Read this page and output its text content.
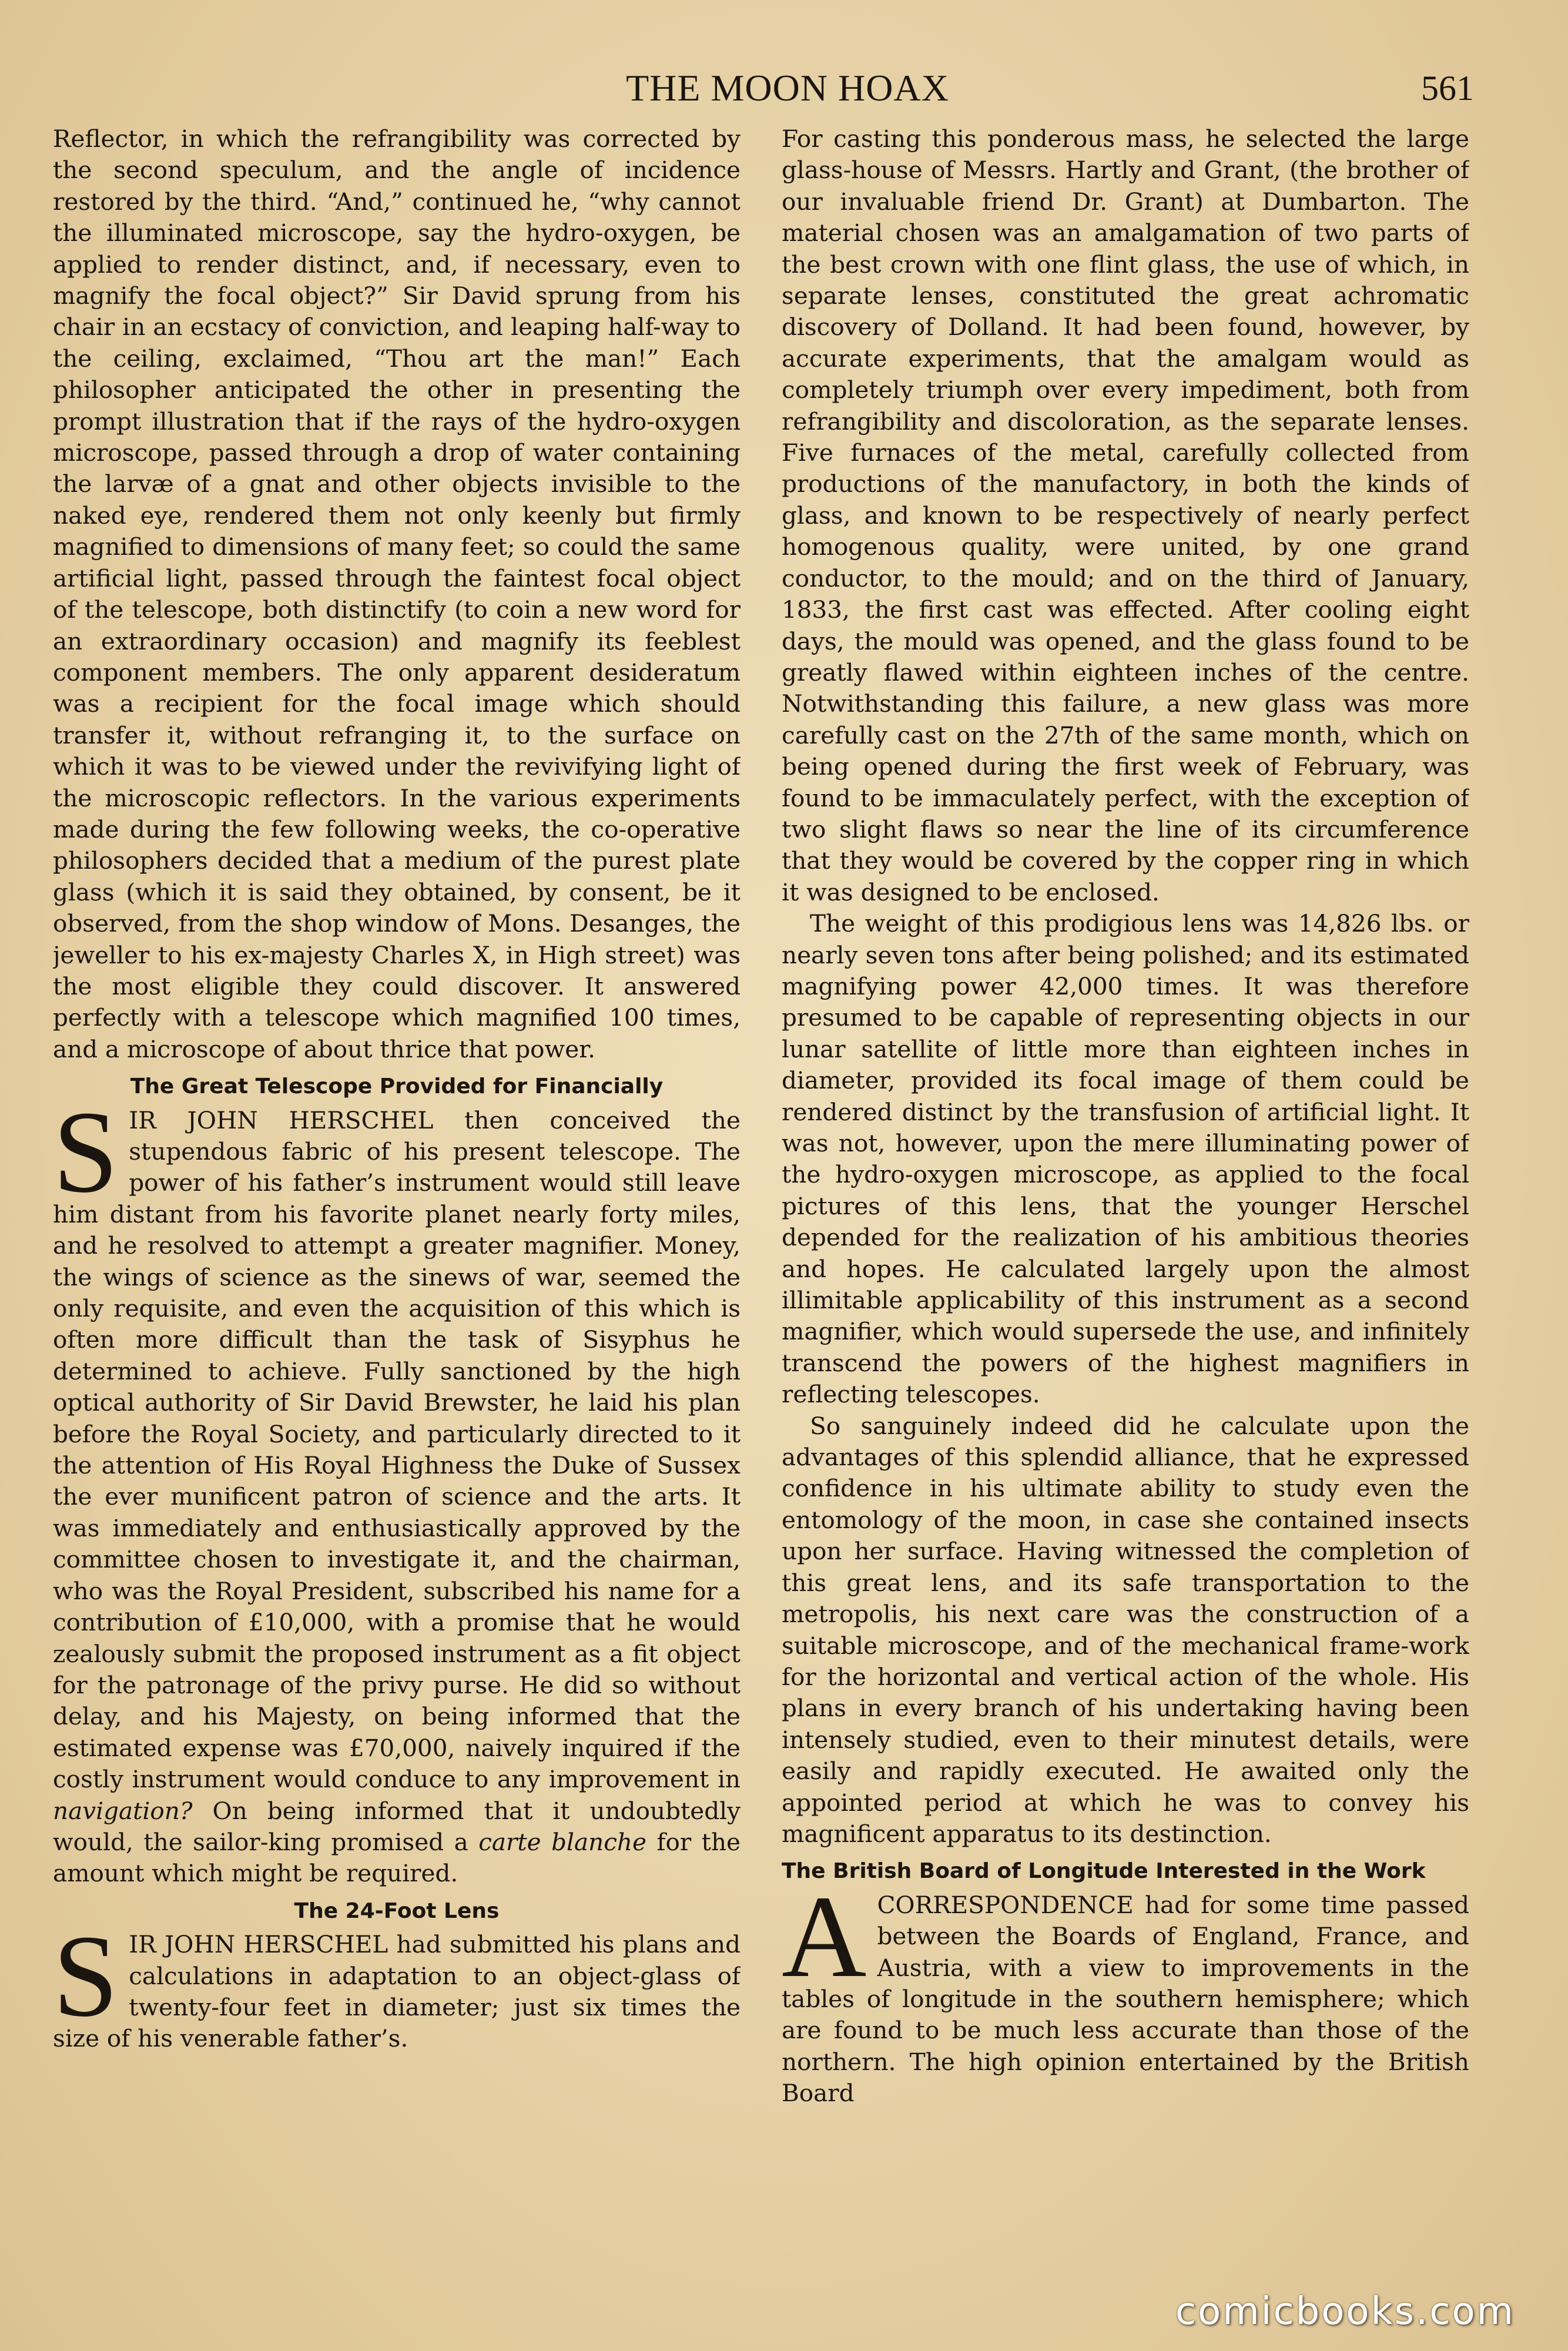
THE MOON HOAX	561

Reflector, in which the refrangibility was corrected by the second speculum, and the angle of incidence restored by the third. “And,” continued he, “why cannot the illuminated microscope, say the hydro-oxygen, be applied to render distinct, and, if necessary, even to magnify the focal object?” Sir David sprung from his chair in an ecstacy of conviction, and leaping half-way to the ceiling, exclaimed, “Thou art the man!” Each philosopher anticipated the other in presenting the prompt illustration that if the rays of the hydro-oxygen microscope, passed through a drop of water containing the larvæ of a gnat and other objects invisible to the naked eye, rendered them not only keenly but firmly magnified to dimensions of many feet; so could the same artificial light, passed through the faintest focal object of the telescope, both distinctify (to coin a new word for an extraordinary occasion) and magnify its feeblest component members. The only apparent desideratum was a recipient for the focal image which should transfer it, without refranging it, to the surface on which it was to be viewed under the revivifying light of the microscopic reflectors. In the various experiments made during the few following weeks, the co-operative philosophers decided that a medium of the purest plate glass (which it is said they obtained, by consent, be it observed, from the shop window of Mons. Desanges, the jeweller to his ex-majesty Charles X, in High street) was the most eligible they could discover. It answered perfectly with a telescope which magnified 100 times, and a microscope of about thrice that power.

The Great Telescope Provided for Financially

SIR JOHN HERSCHEL then conceived the stupendous fabric of his present telescope. The power of his father’s instrument would still leave him distant from his favorite planet nearly forty miles, and he resolved to attempt a greater magnifier. Money, the wings of science as the sinews of war, seemed the only requisite, and even the acquisition of this which is often more difficult than the task of Sisyphus he determined to achieve. Fully sanctioned by the high optical authority of Sir David Brewster, he laid his plan before the Royal Society, and particularly directed to it the attention of His Royal Highness the Duke of Sussex the ever munificent patron of science and the arts. It was immediately and enthusiastically approved by the committee chosen to investigate it, and the chairman, who was the Royal President, subscribed his name for a contribution of £10,000, with a promise that he would zealously submit the proposed instrument as a fit object for the patronage of the privy purse. He did so without delay, and his Majesty, on being informed that the estimated expense was £70,000, naively inquired if the costly instrument would conduce to any improvement in navigation? On being informed that it undoubtedly would, the sailor-king promised a carte blanche for the amount which might be required.

The 24-Foot Lens

SIR JOHN HERSCHEL had submitted his plans and calculations in adaptation to an object-glass of twenty-four feet in diameter; just six times the size of his venerable father’s.

For casting this ponderous mass, he selected the large glass-house of Messrs. Hartly and Grant, (the brother of our invaluable friend Dr. Grant) at Dumbarton. The material chosen was an amalgamation of two parts of the best crown with one flint glass, the use of which, in separate lenses, constituted the great achromatic discovery of Dolland. It had been found, however, by accurate experiments, that the amalgam would as completely triumph over every impediment, both from refrangibility and discoloration, as the separate lenses. Five furnaces of the metal, carefully collected from productions of the manufactory, in both the kinds of glass, and known to be respectively of nearly perfect homogenous quality, were united, by one grand conductor, to the mould; and on the third of January, 1833, the first cast was effected. After cooling eight days, the mould was opened, and the glass found to be greatly flawed within eighteen inches of the centre. Notwithstanding this failure, a new glass was more carefully cast on the 27th of the same month, which on being opened during the first week of February, was found to be immaculately perfect, with the exception of two slight flaws so near the line of its circumference that they would be covered by the copper ring in which it was designed to be enclosed.

The weight of this prodigious lens was 14,826 lbs. or nearly seven tons after being polished; and its estimated magnifying power 42,000 times. It was therefore presumed to be capable of representing objects in our lunar satellite of little more than eighteen inches in diameter, provided its focal image of them could be rendered distinct by the transfusion of artificial light. It was not, however, upon the mere illuminating power of the hydro-oxygen microscope, as applied to the focal pictures of this lens, that the younger Herschel depended for the realization of his ambitious theories and hopes. He calculated largely upon the almost illimitable applicability of this instrument as a second magnifier, which would supersede the use, and infinitely transcend the powers of the highest magnifiers in reflecting telescopes.

So sanguinely indeed did he calculate upon the advantages of this splendid alliance, that he expressed confidence in his ultimate ability to study even the entomology of the moon, in case she contained insects upon her surface. Having witnessed the completion of this great lens, and its safe transportation to the metropolis, his next care was the construction of a suitable microscope, and of the mechanical frame-work for the horizontal and vertical action of the whole. His plans in every branch of his undertaking having been intensely studied, even to their minutest details, were easily and rapidly executed. He awaited only the appointed period at which he was to convey his magnificent apparatus to its destinction.

The British Board of Longitude Interested in the Work

ACORRESPONDENCE had for some time passed between the Boards of England, France, and Austria, with a view to improvements in the tables of longitude in the southern hemisphere; which are found to be much less accurate than those of the northern. The high opinion entertained by the British Board

comicbooks.com
